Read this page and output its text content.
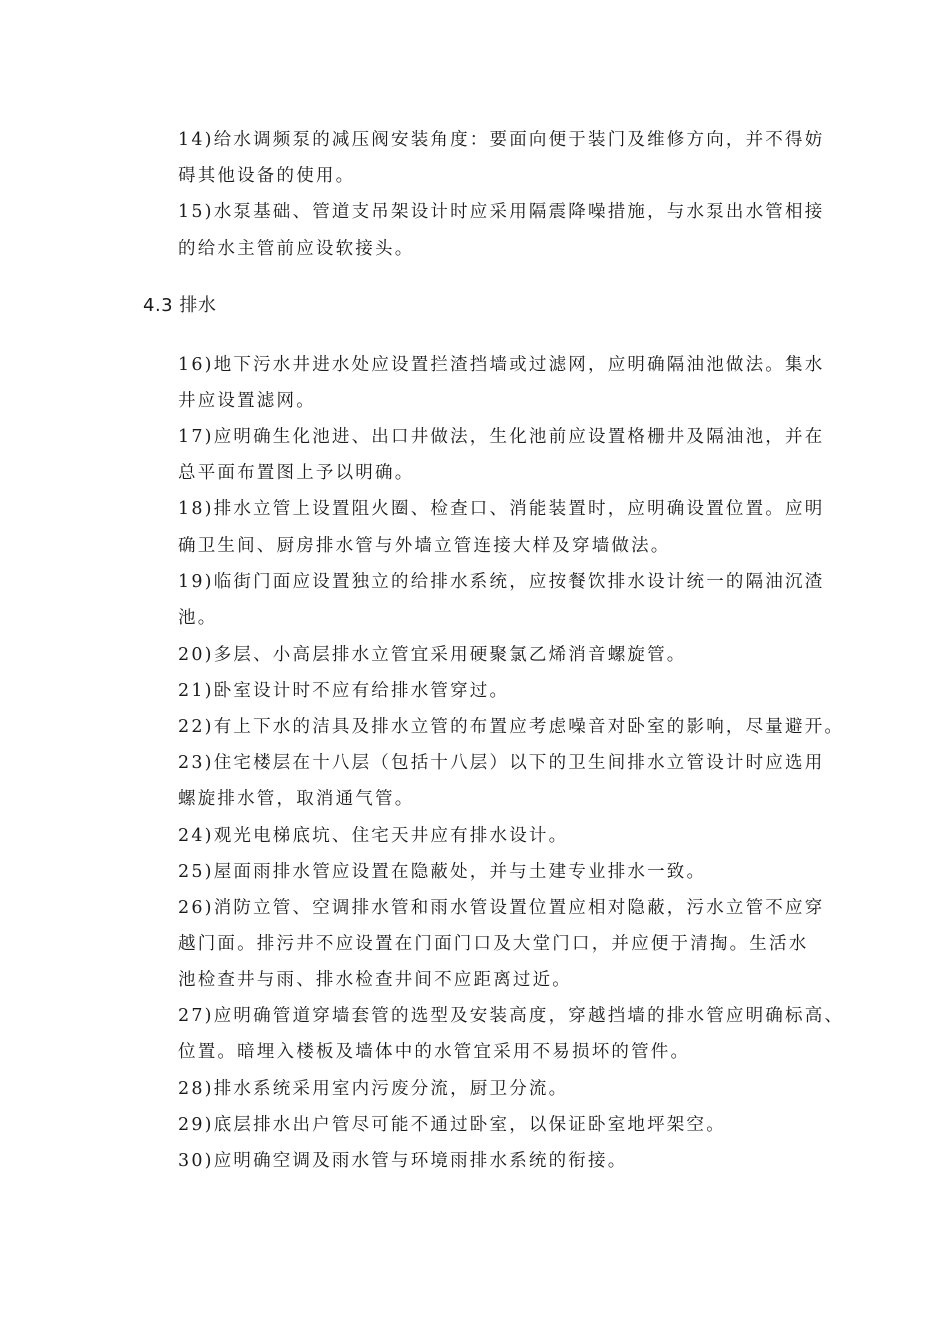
14)给水调频泵的减压阀安装角度：要面向便于装门及维修方向，并不得妨
碍其他设备的使用。
15)水泵基础、管道支吊架设计时应采用隔震降噪措施，与水泵出水管相接
的给水主管前应设软接头。
4.3 排水
16)地下污水井进水处应设置拦渣挡墙或过滤网，应明确隔油池做法。集水
井应设置滤网。
17)应明确生化池进、出口井做法，生化池前应设置格栅井及隔油池，并在
总平面布置图上予以明确。
18)排水立管上设置阻火圈、检查口、消能装置时，应明确设置位置。应明
确卫生间、厨房排水管与外墙立管连接大样及穿墙做法。
19)临街门面应设置独立的给排水系统，应按餐饮排水设计统一的隔油沉渣
池。
20)多层、小高层排水立管宜采用硬聚氯乙烯消音螺旋管。
21)卧室设计时不应有给排水管穿过。
22)有上下水的洁具及排水立管的布置应考虑噪音对卧室的影响，尽量避开。
23)住宅楼层在十八层（包括十八层）以下的卫生间排水立管设计时应选用
螺旋排水管，取消通气管。
24)观光电梯底坑、住宅天井应有排水设计。
25)屋面雨排水管应设置在隐蔽处，并与土建专业排水一致。
26)消防立管、空调排水管和雨水管设置位置应相对隐蔽，污水立管不应穿
越门面。排污井不应设置在门面门口及大堂门口，并应便于清掏。生活水
池检查井与雨、排水检查井间不应距离过近。
27)应明确管道穿墙套管的选型及安装高度，穿越挡墙的排水管应明确标高、
位置。暗埋入楼板及墙体中的水管宜采用不易损坏的管件。
28)排水系统采用室内污废分流，厨卫分流。
29)底层排水出户管尽可能不通过卧室，以保证卧室地坪架空。
30)应明确空调及雨水管与环境雨排水系统的衔接。
